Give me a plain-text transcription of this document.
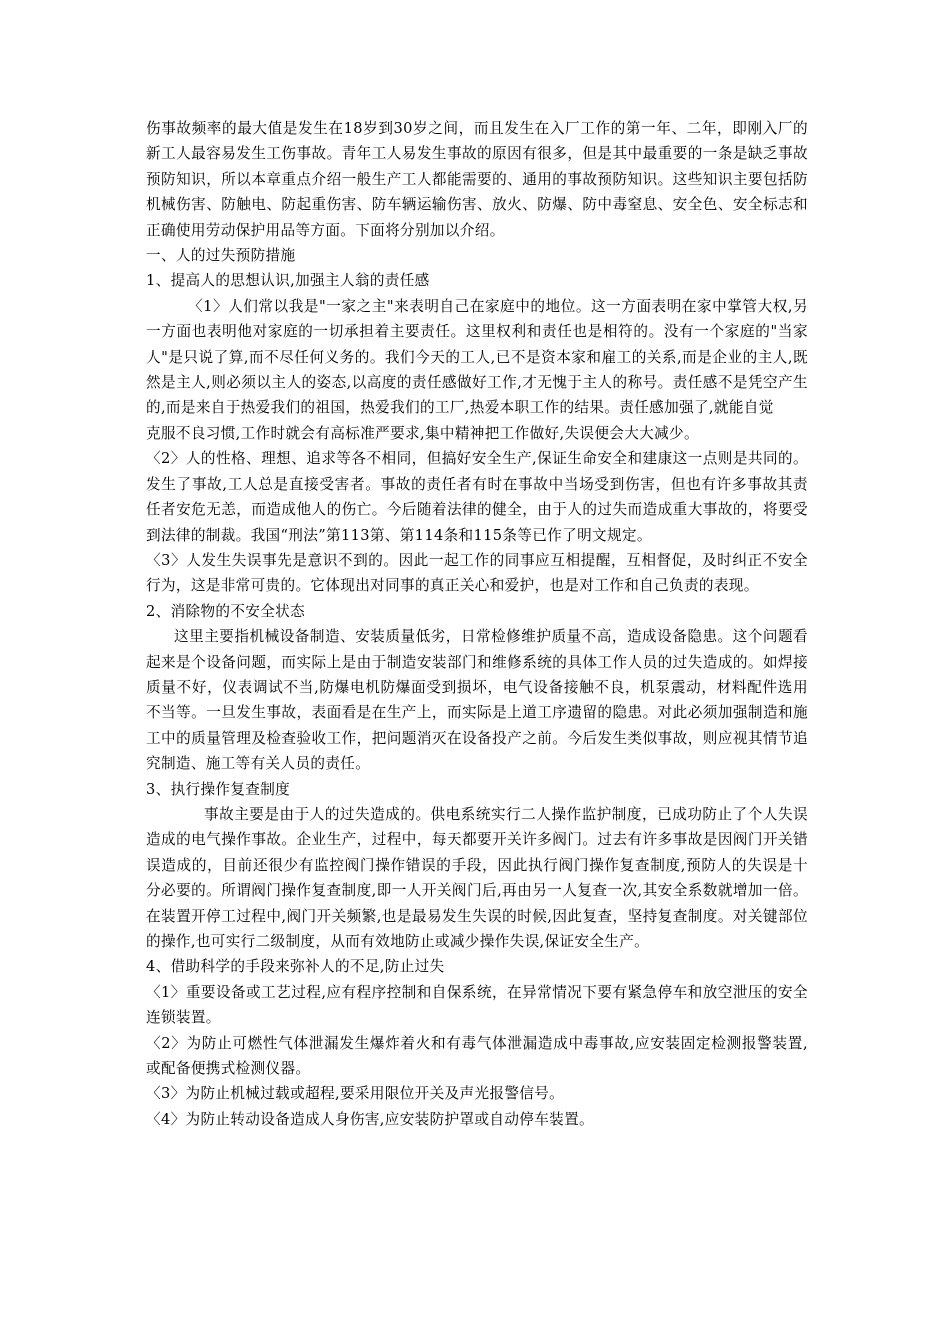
伤事故频率的最大值是发生在18岁到30岁之间，而且发生在入厂工作的第一年、二年，即刚入厂的新工人最容易发生工伤事故。青年工人易发生事故的原因有很多，但是其中最重要的一条是缺乏事故预防知识，所以本章重点介绍一般生产工人都能需要的、通用的事故预防知识。这些知识主要包括防机械伤害、防触电、防起重伤害、防车辆运输伤害、放火、防爆、防中毒窒息、安全色、安全标志和正确使用劳动保护用品等方面。下面将分别加以介绍。

一、人的过失预防措施

1、提高人的思想认识,加强主人翁的责任感

〈1〉人们常以我是"一家之主"来表明自己在家庭中的地位。这一方面表明在家中掌管大权,另一方面也表明他对家庭的一切承担着主要责任。这里权利和责任也是相符的。没有一个家庭的"当家人"是只说了算,而不尽任何义务的。我们今天的工人,已不是资本家和雇工的关系,而是企业的主人,既然是主人,则必须以主人的姿态,以高度的责任感做好工作,才无愧于主人的称号。责任感不是凭空产生的,而是来自于热爱我们的祖国，热爱我们的工厂,热爱本职工作的结果。责任感加强了,就能自觉

克服不良习惯,工作时就会有高标准严要求,集中精神把工作做好,失误便会大大减少。

〈2〉人的性格、理想、追求等各不相同，但搞好安全生产,保证生命安全和建康这一点则是共同的。发生了事故,工人总是直接受害者。事故的责任者有时在事故中当场受到伤害，但也有许多事故其责任者安危无恙，而造成他人的伤亡。今后随着法律的健全，由于人的过失而造成重大事故的，将要受到法律的制裁。我国“刑法”第113第、第114条和115条等已作了明文规定。

〈3〉人发生失误事先是意识不到的。因此一起工作的同事应互相提醒，互相督促，及时纠正不安全行为，这是非常可贵的。它体现出对同事的真正关心和爱护，也是对工作和自己负责的表现。

2、消除物的不安全状态

这里主要指机械设备制造、安装质量低劣，日常检修维护质量不高，造成设备隐患。这个问题看起来是个设备问题，而实际上是由于制造安装部门和维修系统的具体工作人员的过失造成的。如焊接质量不好，仪表调试不当,防爆电机防爆面受到损坏，电气设备接触不良，机泵震动，材料配件选用不当等。一旦发生事故，表面看是在生产上，而实际是上道工序遗留的隐患。对此必须加强制造和施工中的质量管理及检查验收工作，把问题消灭在设备投产之前。今后发生类似事故，则应视其情节追究制造、施工等有关人员的责任。

3、执行操作复查制度

事故主要是由于人的过失造成的。供电系统实行二人操作监护制度，已成功防止了个人失误造成的电气操作事故。企业生产，过程中，每天都要开关许多阀门。过去有许多事故是因阀门开关错误造成的，目前还很少有监控阀门操作错误的手段，因此执行阀门操作复查制度,预防人的失误是十分必要的。所谓阀门操作复查制度,即一人开关阀门后,再由另一人复查一次,其安全系数就增加一倍。在装置开停工过程中,阀门开关频繁,也是最易发生失误的时候,因此复查，坚持复查制度。对关键部位的操作,也可实行二级制度，从而有效地防止或减少操作失误,保证安全生产。

4、借助科学的手段来弥补人的不足,防止过失

〈1〉重要设备或工艺过程,应有程序控制和自保系统，在异常情况下要有紧急停车和放空泄压的安全连锁装置。

〈2〉为防止可燃性气体泄漏发生爆炸着火和有毒气体泄漏造成中毒事故,应安装固定检测报警装置,或配备便携式检测仪器。

〈3〉为防止机械过载或超程,要采用限位开关及声光报警信号。

〈4〉为防止转动设备造成人身伤害,应安装防护罩或自动停车装置。
